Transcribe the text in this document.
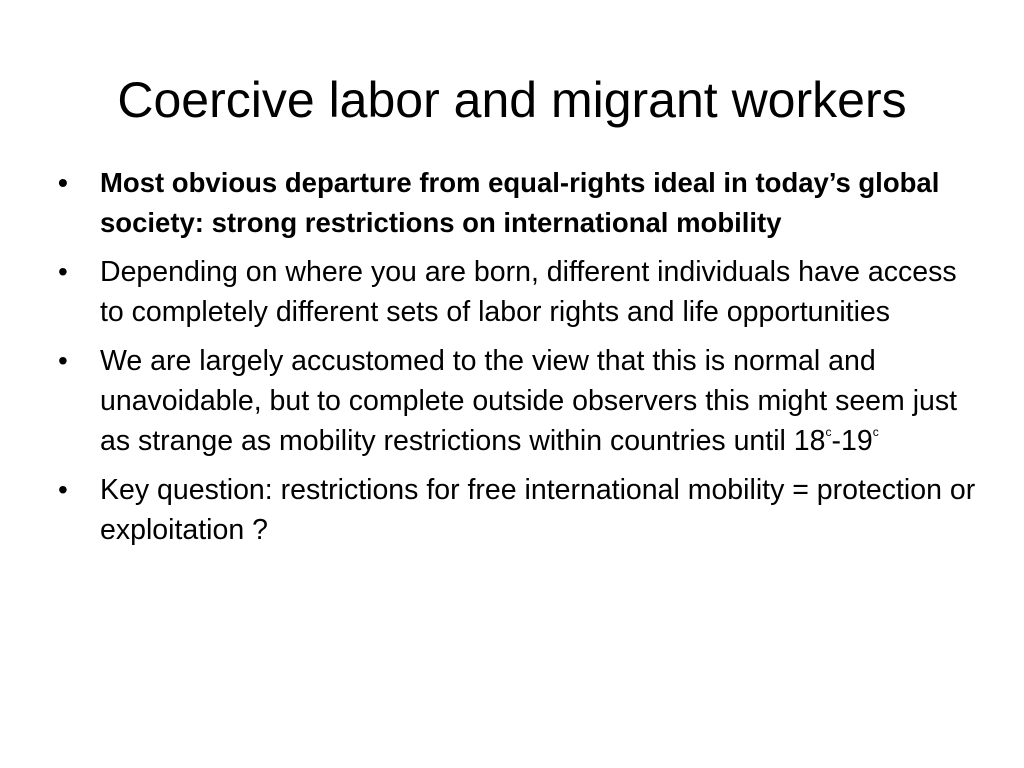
Coercive labor and migrant workers
•	Most obvious departure from equal-rights ideal in today’s global society: strong restrictions on international mobility
•	Depending on where you are born, different individuals have access to completely different sets of labor rights and life opportunities
•	We are largely accustomed to the view that this is normal and unavoidable, but to complete outside observers this might seem just as strange as mobility restrictions within countries until 18$^c$-19$^c$
•	Key question: restrictions for free international mobility = protection or exploitation ?
